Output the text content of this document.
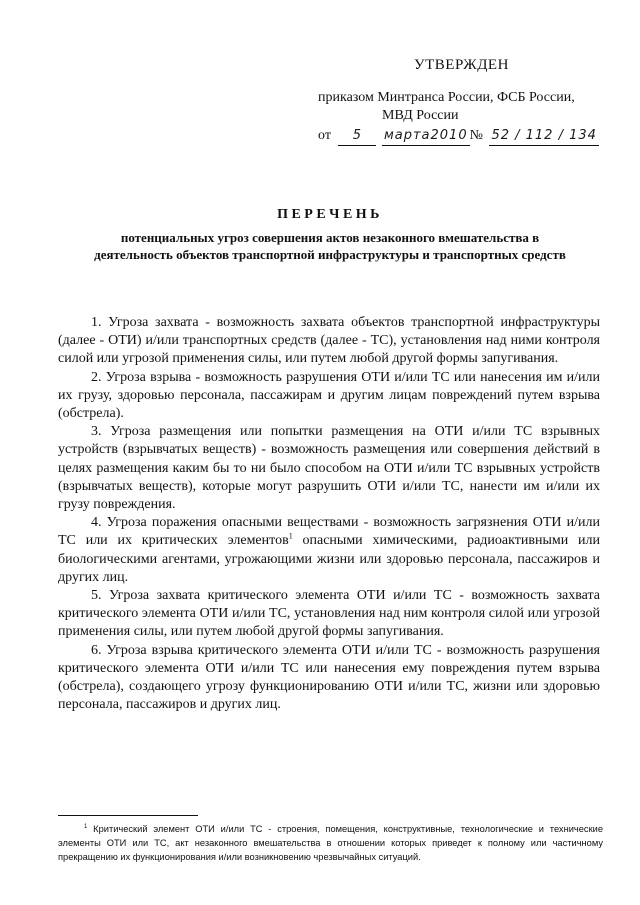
УТВЕРЖДЕН
приказом Минтранса России, ФСБ России,
МВД России
от 5 марта2010 № 52 / 112 / 134
ПЕРЕЧЕНЬ
потенциальных угроз совершения актов незаконного вмешательства в
деятельность объектов транспортной инфраструктуры и транспортных средств

1. Угроза захвата - возможность захвата объектов транспортной инфраструктуры (далее - ОТИ) и/или транспортных средств (далее - ТС), установления над ними контроля силой или угрозой применения силы, или путем любой другой формы запугивания.

2. Угроза взрыва - возможность разрушения ОТИ и/или ТС или нанесения им и/или их грузу, здоровью персонала, пассажирам и другим лицам повреждений путем взрыва (обстрела).

3. Угроза размещения или попытки размещения на ОТИ и/или ТС взрывных устройств (взрывчатых веществ) - возможность размещения или совершения действий в целях размещения каким бы то ни было способом на ОТИ и/или ТС взрывных устройств (взрывчатых веществ), которые могут разрушить ОТИ и/или ТС, нанести им и/или их грузу повреждения.

4. Угроза поражения опасными веществами - возможность загрязнения ОТИ и/или ТС или их критических элементов$^1$ опасными химическими, радиоактивными или биологическими агентами, угрожающими жизни или здоровью персонала, пассажиров и других лиц.

5. Угроза захвата критического элемента ОТИ и/или ТС - возможность захвата критического элемента ОТИ и/или ТС, установления над ним контроля силой или угрозой применения силы, или путем любой другой формы запугивания.

6. Угроза взрыва критического элемента ОТИ и/или ТС - возможность разрушения критического элемента ОТИ и/или ТС или нанесения ему повреждения путем взрыва (обстрела), создающего угрозу функционированию ОТИ и/или ТС, жизни или здоровью персонала, пассажиров и других лиц.

$^1$ Критический элемент ОТИ и/или ТС - строения, помещения, конструктивные, технологические и технические элементы ОТИ или ТС, акт незаконного вмешательства в отношении которых приведет к полному или частичному прекращению их функционирования и/или возникновению чрезвычайных ситуаций.
